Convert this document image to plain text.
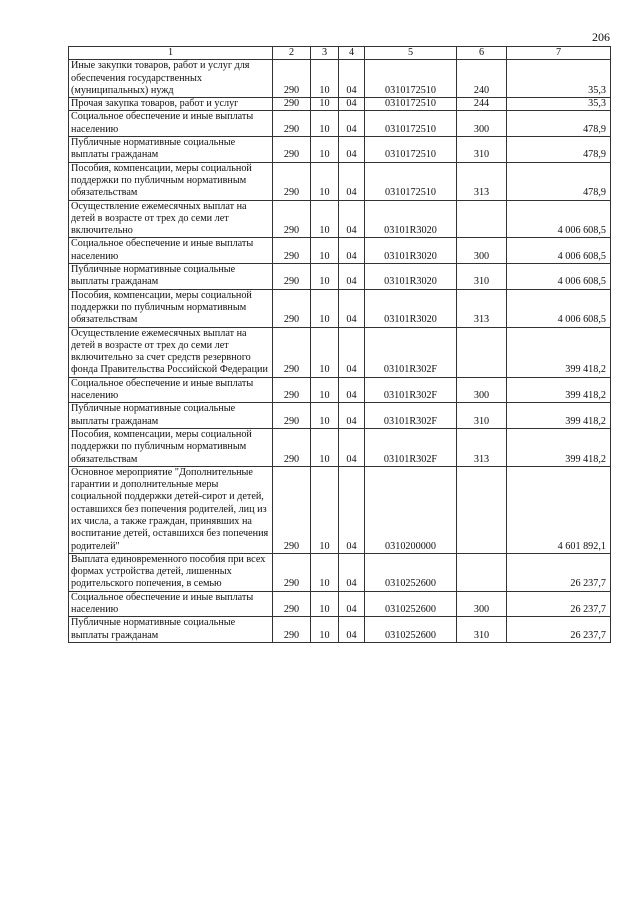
206
1	2	3	4	5	6	7
Иные закупки товаров, работ и услуг для обеспечения государственных (муниципальных) нужд	290	10	04	0310172510	240	35,3
Прочая закупка товаров, работ и услуг	290	10	04	0310172510	244	35,3
Социальное обеспечение и иные выплаты населению	290	10	04	0310172510	300	478,9
Публичные нормативные социальные выплаты гражданам	290	10	04	0310172510	310	478,9
Пособия, компенсации, меры социальной поддержки по публичным нормативным обязательствам	290	10	04	0310172510	313	478,9
Осуществление ежемесячных выплат на детей в возрасте от трех до семи лет включительно	290	10	04	03101R3020		4 006 608,5
Социальное обеспечение и иные выплаты населению	290	10	04	03101R3020	300	4 006 608,5
Публичные нормативные социальные выплаты гражданам	290	10	04	03101R3020	310	4 006 608,5
Пособия, компенсации, меры социальной поддержки по публичным нормативным обязательствам	290	10	04	03101R3020	313	4 006 608,5
Осуществление ежемесячных выплат на детей в возрасте от трех до семи лет включительно за счет средств резервного фонда Правительства Российской Федерации	290	10	04	03101R302F		399 418,2
Социальное обеспечение и иные выплаты населению	290	10	04	03101R302F	300	399 418,2
Публичные нормативные социальные выплаты гражданам	290	10	04	03101R302F	310	399 418,2
Пособия, компенсации, меры социальной поддержки по публичным нормативным обязательствам	290	10	04	03101R302F	313	399 418,2
Основное мероприятие "Дополнительные гарантии и дополнительные меры социальной поддержки детей-сирот и детей, оставшихся без попечения родителей, лиц из их числа, а также граждан, принявших на воспитание детей, оставшихся без попечения родителей"	290	10	04	0310200000		4 601 892,1
Выплата единовременного пособия при всех формах устройства детей, лишенных родительского попечения, в семью	290	10	04	0310252600		26 237,7
Социальное обеспечение и иные выплаты населению	290	10	04	0310252600	300	26 237,7
Публичные нормативные социальные выплаты гражданам	290	10	04	0310252600	310	26 237,7
